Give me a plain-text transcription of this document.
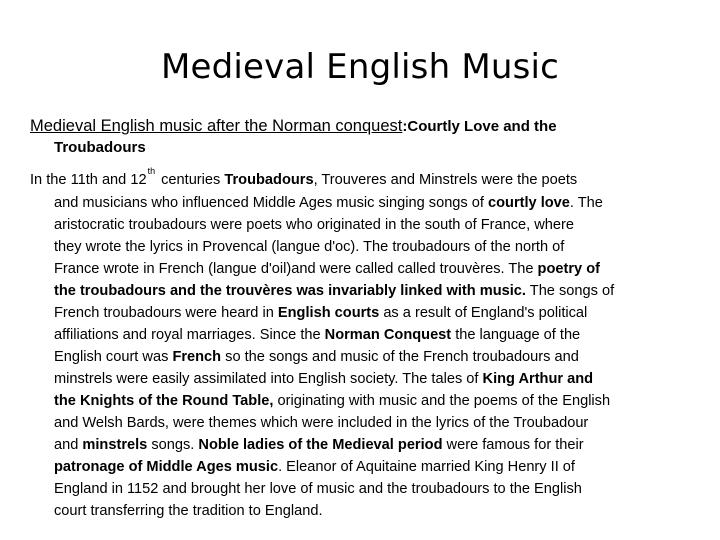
Medieval English Music
Medieval English music after the Norman conquest:Courtly Love and the
Troubadours
In the 11th and 12thcenturies Troubadours, Trouveres and Minstrels were the poets
and musicians who influenced Middle Ages music singing songs of courtly love. The
aristocratic troubadours were poets who originated in the south of France, where
they wrote the lyrics in Provencal (langue d'oc). The troubadours of the north of
France wrote in French (langue d'oil)and were called called trouvères. The poetry of
the troubadours and the trouvères was invariably linked with music. The songs of
French troubadours were heard in English courts as a result of England's political
affiliations and royal marriages. Since the Norman Conquest the language of the
English court was French so the songs and music of the French troubadours and
minstrels were easily assimilated into English society. The tales of King Arthur and
the Knights of the Round Table, originating with music and the poems of the English
and Welsh Bards, were themes which were included in the lyrics of the Troubadour
and minstrels songs. Noble ladies of the Medieval period were famous for their
patronage of Middle Ages music. Eleanor of Aquitaine married King Henry II of
England in 1152 and brought her love of music and the troubadours to the English
court transferring the tradition to England.
